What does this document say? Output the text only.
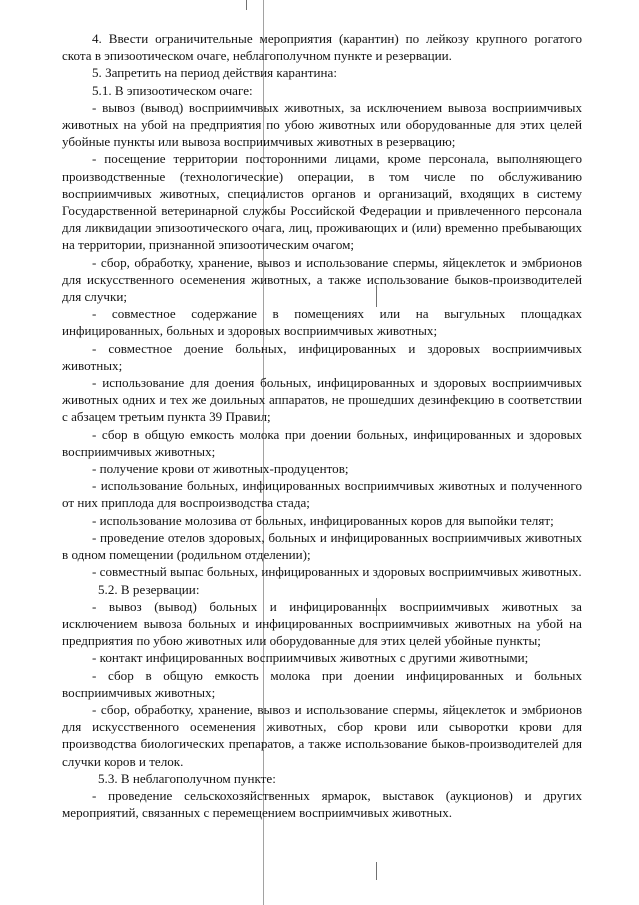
4. Ввести ограничительные мероприятия (карантин) по лейкозу крупного рогатого скота в эпизоотическом очаге, неблагополучном пункте и резервации.

5. Запретить на период действия карантина:

5.1. В эпизоотическом очаге:

- вывоз (вывод) восприимчивых животных, за исключением вывоза восприимчивых животных на убой на предприятия по убою животных или оборудованные для этих целей убойные пункты или вывоза восприимчивых животных в резервацию;

- посещение территории посторонними лицами, кроме персонала, выполняющего производственные (технологические) операции, в том числе по обслуживанию восприимчивых животных, специалистов органов и организаций, входящих в систему Государственной ветеринарной службы Российской Федерации и привлеченного персонала для ликвидации эпизоотического очага, лиц, проживающих и (или) временно пребывающих на территории, признанной эпизоотическим очагом;

- сбор, обработку, хранение, вывоз и использование спермы, яйцеклеток и эмбрионов для искусственного осеменения животных, а также использование быков-производителей для случки;

- совместное содержание в помещениях или на выгульных площадках инфицированных, больных и здоровых восприимчивых животных;

- совместное доение больных, инфицированных и здоровых восприимчивых животных;

- использование для доения больных, инфицированных и здоровых восприимчивых животных одних и тех же доильных аппаратов, не прошедших дезинфекцию в соответствии с абзацем третьим пункта 39 Правил;

- сбор в общую емкость молока при доении больных, инфицированных и здоровых восприимчивых животных;

- получение крови от животных-продуцентов;

- использование больных, инфицированных восприимчивых животных и полученного от них приплода для воспроизводства стада;

- использование молозива от больных, инфицированных коров для выпойки телят;

- проведение отелов здоровых, больных и инфицированных восприимчивых животных в одном помещении (родильном отделении);

- совместный выпас больных, инфицированных и здоровых восприимчивых животных.

5.2. В резервации:

- вывоз (вывод) больных и инфицированных восприимчивых животных за исключением вывоза больных и инфицированных восприимчивых животных на убой на предприятия по убою животных или оборудованные для этих целей убойные пункты;

- контакт инфицированных восприимчивых животных с другими животными;

- сбор в общую емкость молока при доении инфицированных и больных восприимчивых животных;

- сбор, обработку, хранение, вывоз и использование спермы, яйцеклеток и эмбрионов для искусственного осеменения животных, сбор крови или сыворотки крови для производства биологических препаратов, а также использование быков-производителей для случки коров и телок.

5.3. В неблагополучном пункте:

- проведение сельскохозяйственных ярмарок, выставок (аукционов) и других мероприятий, связанных с перемещением восприимчивых животных.
